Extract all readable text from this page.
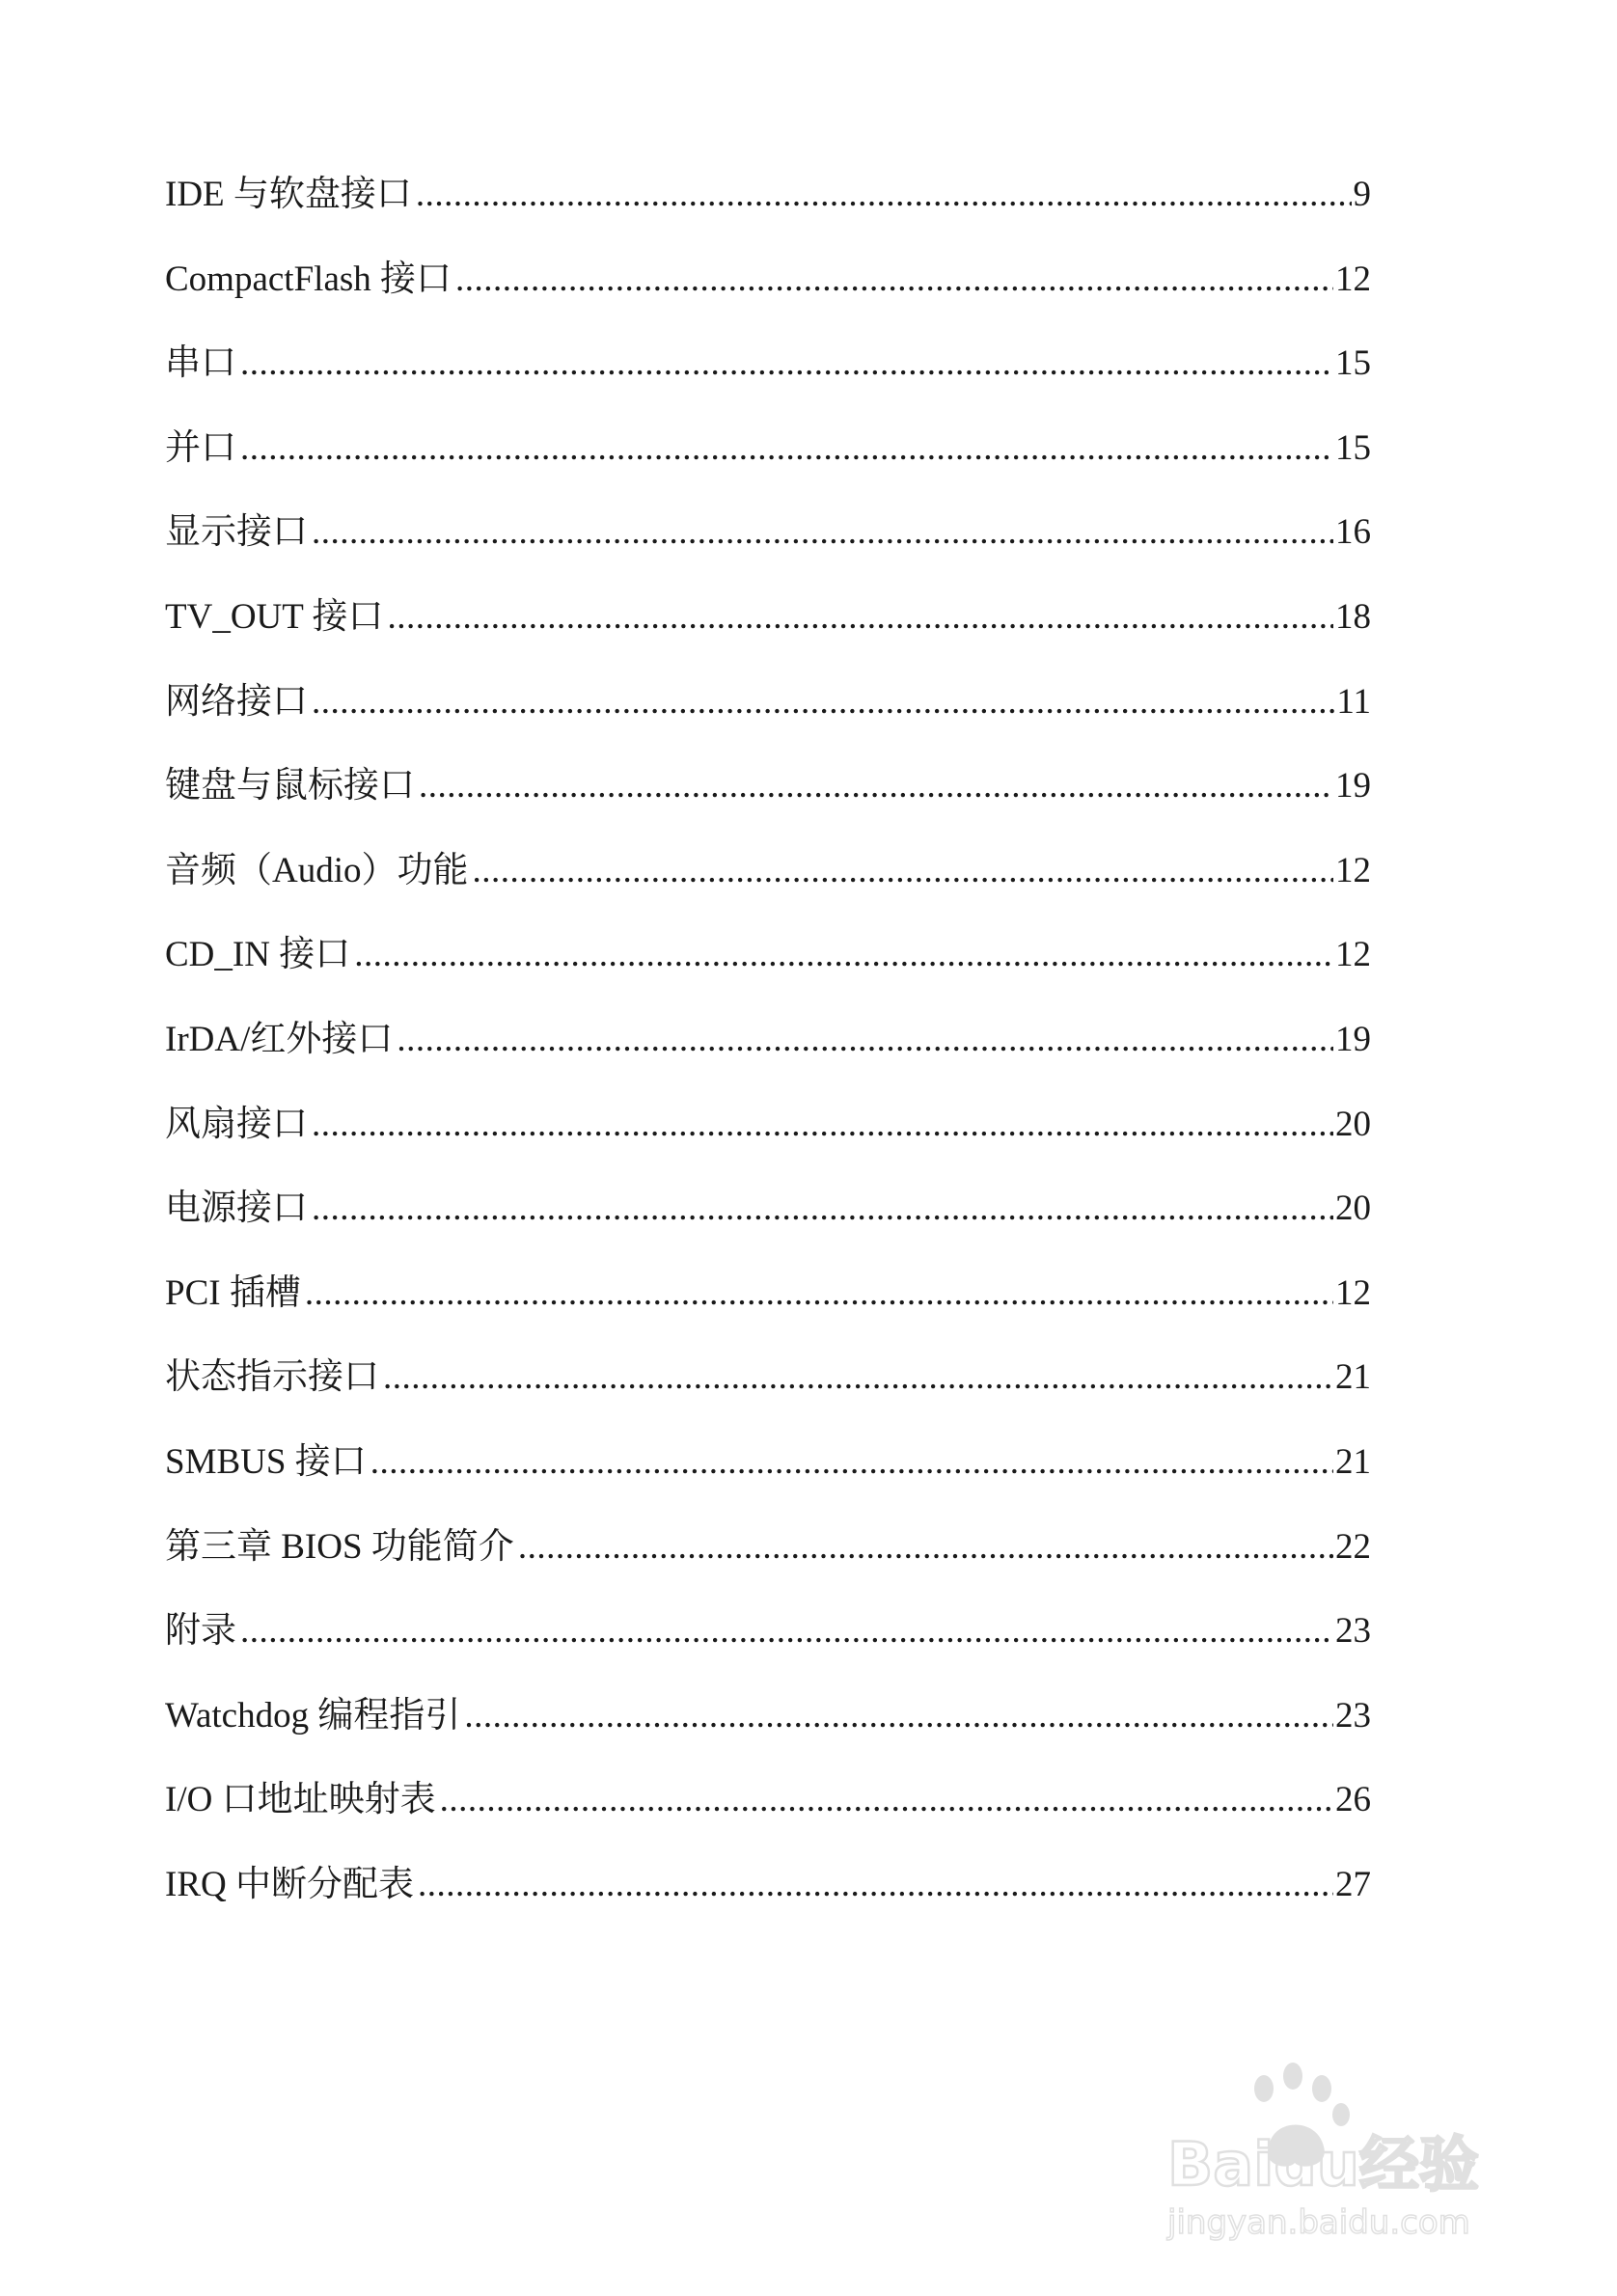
IDE 与软盘接口 .....	9
CompactFlash 接口 .....	12
串口 .....	15
并口 .....	15
显示接口 .....	16
TV_OUT 接口 .....	18
网络接口 .....	11
键盘与鼠标接口 .....	19
音频（Audio）功能 .....	12
CD_IN 接口 .....	12
IrDA/红外接口 .....	19
风扇接口 .....	20
电源接口 .....	20
PCI 插槽 .....	12
状态指示接口 .....	21
SMBUS 接口 .....	21
第三章 BIOS 功能简介 .....	22
附录 .....	23
Watchdog 编程指引 .....	23
I/O 口地址映射表 .....	26
IRQ 中断分配表 .....	27
Baidu经验
jingyan.baidu.com
